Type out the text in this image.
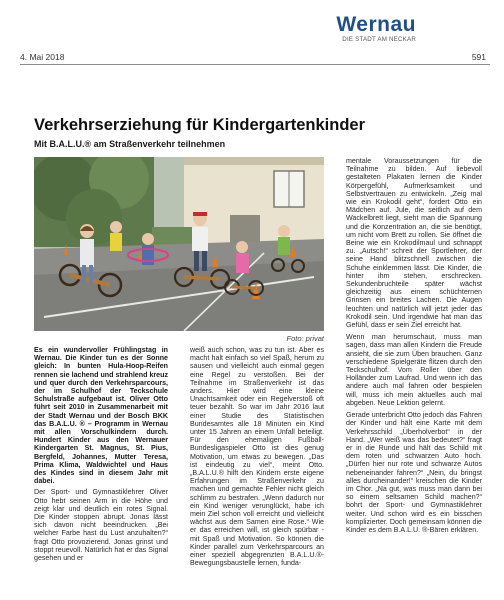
Wernau
DIE STADT AM NECKAR
4. Mai 2018	591
Verkehrserziehung für Kindergartenkinder
Mit B.A.L.U.® am Straßenverkehr teilnehmen
Foto: privat

Es ein wundervoller Frühlingstag in Wernau. Die Kinder tun es der Sonne gleich: In bunten Hula-Hoop-Reifen rennen sie lachend und strahlend kreuz und quer durch den Verkehrsparcours, der im Schulhof der Teckschule Schulstraße aufgebaut ist. Oliver Otto führt seit 2010 in Zusammenarbeit mit der Stadt Wernau und der Bosch BKK das B.A.L.U. ® – Programm in Wernau mit allen Vorschulkindern durch. Hundert Kinder aus den Wernauer Kindergarten St. Magnus, St. Pius, Bergfeld, Johannes, Mutter Teresa, Prima Klima, Waldwichtel und Haus des Kindes sind in diesem Jahr mit dabei.

Der Sport- und Gymnastiklehrer Oliver Otto hebt seinen Arm in die Höhe und zeigt klar und deutlich ein rotes Signal. Die Kinder stoppen abrupt. Jonas lässt sich davon nicht beeindrucken. „Bei welcher Farbe hast du Lust anzuhalten?“ fragt Otto provozierend. Jonas grinst und stoppt reuevoll. Natürlich hat er das Signal gesehen und er

weiß auch schon, was zu tun ist. Aber es macht halt einfach so viel Spaß, herum zu sausen und vielleicht auch einmal gegen eine Regel zu verstoßen. Bei der Teilnahme im Straßenverkehr ist das anders. Hier wird eine kleine Unachtsamkeit oder ein Regelverstoß oft teuer bezahlt. So war im Jahr 2016 laut einer Studie des Statistischen Bundesamtes alle 18 Minuten ein Kind unter 15 Jahren an einem Unfall beteiligt. Für den ehemaligen Fußball-Bundesligaspieler Otto ist dies genug Motivation, um etwas zu bewegen. „Das ist eindeutig zu viel“, meint Otto. „B.A.L.U.® hilft den Kindern erste eigene Erfahrungen im Straßenverkehr zu machen und gemachte Fehler nicht gleich schlimm zu bestrafen. „Wenn dadurch nur ein Kind weniger verunglückt, habe ich mein Ziel schon voll erreicht und vielleicht wächst aus dem Samen eine Rose.“ Wie er das erreichen will, ist gleich spürbar - mit Spaß und Motivation. So können die Kinder parallel zum Verkehrsparcours an einer speziell abgegrenzten B.A.L.U.®-Bewegungsbaustelle lernen, funda-

mentale Voraussetzungen für die Teilnahme zu bilden. Auf liebevoll gestalteten Plakaten lernen die Kinder Körpergefühl, Aufmerksamkeit und Selbstvertrauen zu entwickeln. „Zeig mal wie ein Krokodil geht“, fordert Otto ein Mädchen auf. Jule, die seitlich auf dem Wackelbrett liegt, sieht man die Spannung und die Konzentration an, die sie benötigt, um nicht vom Brett zu rollen. Sie öffnet die Beine wie ein Krokodilmaul und schnappt zu. „Autsch!“ schreit der Sportlehrer, der seine Hand blitzschnell zwischen die Schuhe einklemmen lässt. Die Kinder, die hinter ihm stehen, erschrecken. Sekundenbruchteile später wächst gleichzeitig aus einem schüchternen Grinsen ein breites Lachen. Die Augen leuchten und natürlich will jetzt jeder das Krokodil sein. Und irgendwie hat man das Gefühl, dass er sein Ziel erreicht hat.

Wenn man herumschaut, muss man sagen, dass man allen Kindern die Freude ansieht, die sie zum Üben brauchen. Ganz verschiedene Spielgeräte flitzen durch den Teckschulhof. Vom Roller über den Holländer zum Laufrad. Und wenn ich das andere auch mal fahren oder bespielen will, muss ich mein aktuelles auch mal abgeben. Neue Lektion gelernt.

Gerade unterbricht Otto jedoch das Fahren der Kinder und hält eine Karte mit dem Verkehrsschild „Überholverbot“ in der Hand. „Wer weiß was das bedeutet?“ fragt er in die Runde und hält das Schild mit dem roten und schwarzen Auto hoch. „Dürfen hier nur rote und schwarze Autos nebeneinander fahren?“ „Nein, du bringst alles durcheinander!“ kreischen die Kinder im Chor. „Na gut, was muss man dann bei so einem seltsamen Schild machen?“ bohrt der Sport- und Gymnastiklehrer weiter. Und schon wird es ein bisschen komplizierter. Doch gemeinsam können die Kinder es dem B.A.L.U. ®-Bären erklären.
